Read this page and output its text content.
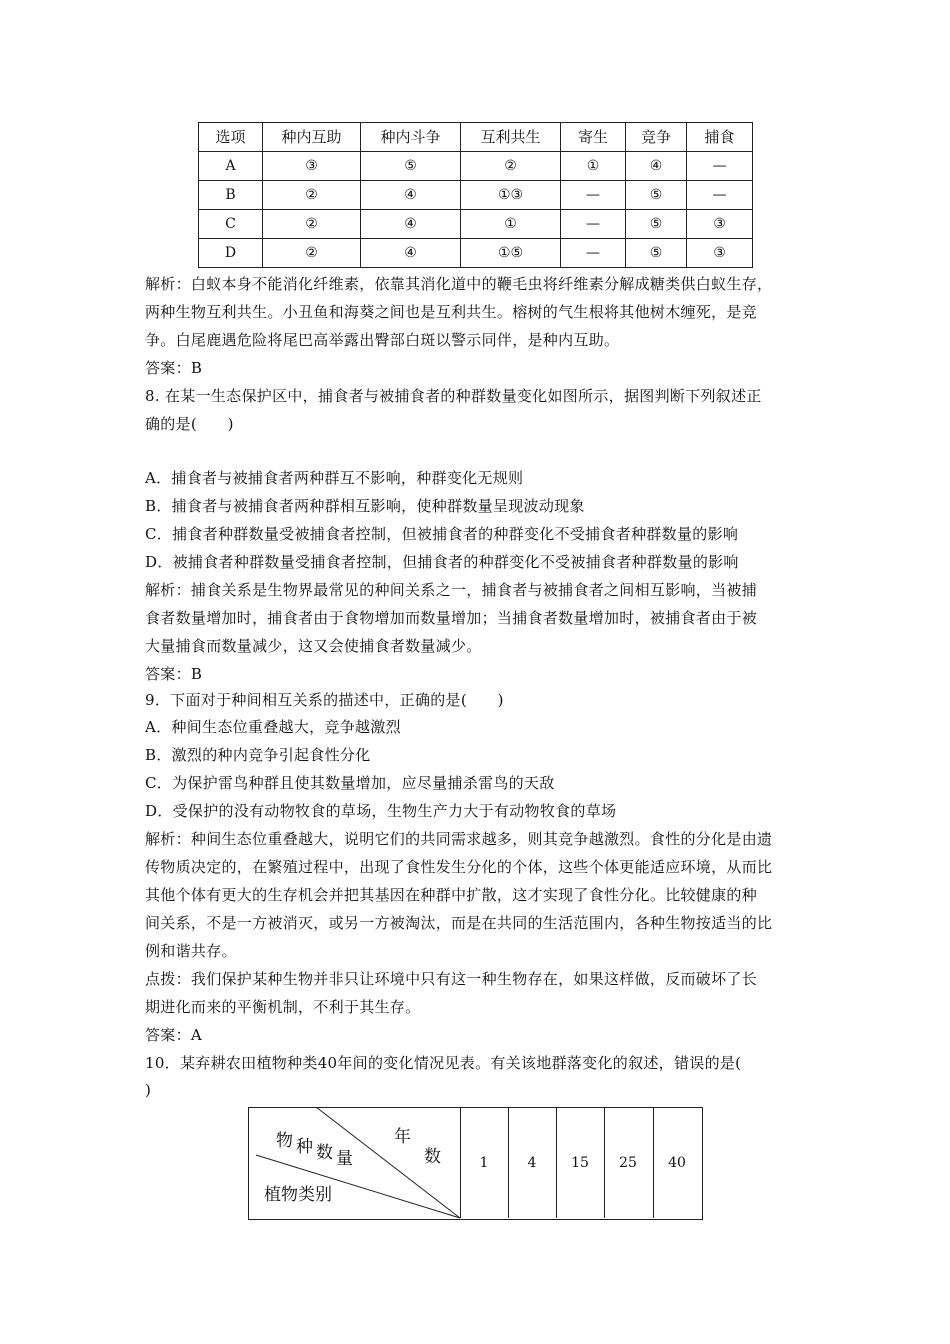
选项	种内互助	种内斗争	互利共生	寄生	竞争	捕食
A	③	⑤	②	①	④	—
B	②	④	①③	—	⑤	—
C	②	④	①	—	⑤	③
D	②	④	①⑤	—	⑤	③
解析：白蚁本身不能消化纤维素，依靠其消化道中的鞭毛虫将纤维素分解成糖类供白蚁生存，
两种生物互利共生。小丑鱼和海葵之间也是互利共生。榕树的气生根将其他树木缠死，是竞
争。白尾鹿遇危险将尾巴高举露出臀部白斑以警示同伴，是种内互助。
答案：B
8. 在某一生态保护区中，捕食者与被捕食者的种群数量变化如图所示，据图判断下列叙述正
确的是(　　)
A．捕食者与被捕食者两种群互不影响，种群变化无规则
B．捕食者与被捕食者两种群相互影响，使种群数量呈现波动现象
C．捕食者种群数量受被捕食者控制，但被捕食者的种群变化不受捕食者种群数量的影响
D．被捕食者种群数量受捕食者控制，但捕食者的种群变化不受被捕食者种群数量的影响
解析：捕食关系是生物界最常见的种间关系之一，捕食者与被捕食者之间相互影响，当被捕
食者数量增加时，捕食者由于食物增加而数量增加；当捕食者数量增加时，被捕食者由于被
大量捕食而数量减少，这又会使捕食者数量减少。
答案：B
9．下面对于种间相互关系的描述中，正确的是(　　)
A．种间生态位重叠越大，竞争越激烈
B．激烈的种内竞争引起食性分化
C．为保护雷鸟种群且使其数量增加，应尽量捕杀雷鸟的天敌
D．受保护的没有动物牧食的草场，生物生产力大于有动物牧食的草场
解析：种间生态位重叠越大，说明它们的共同需求越多，则其竞争越激烈。食性的分化是由遗
传物质决定的，在繁殖过程中，出现了食性发生分化的个体，这些个体更能适应环境，从而比
其他个体有更大的生存机会并把其基因在种群中扩散，这才实现了食性分化。比较健康的种
间关系，不是一方被消灭，或另一方被淘汰，而是在共同的生活范围内，各种生物按适当的比
例和谐共存。
点拨：我们保护某种生物并非只让环境中只有这一种生物存在，如果这样做，反而破坏了长
期进化而来的平衡机制，不利于其生存。
答案：A
10．某弃耕农田植物种类40年间的变化情况见表。有关该地群落变化的叙述，错误的是(
)
年
数
物 种 数 量
植物类别
1	4	15	25	40
